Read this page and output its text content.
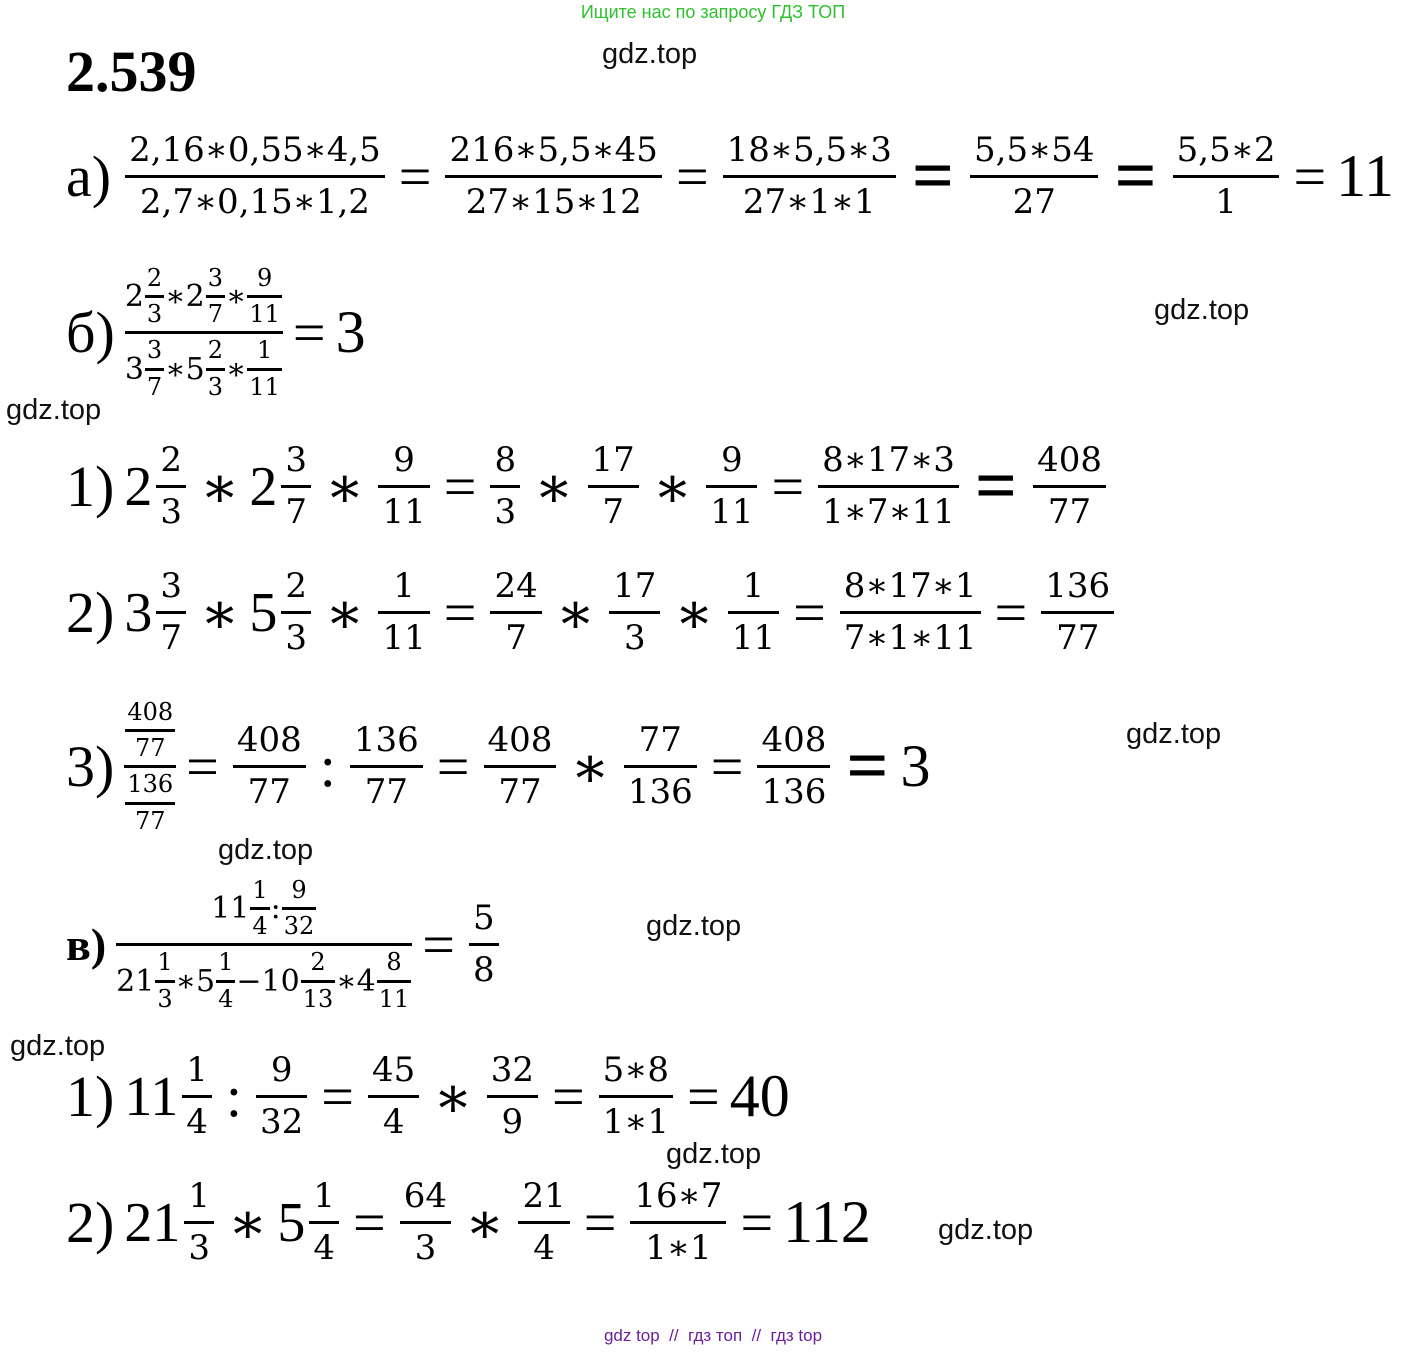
Ищите нас по запросу ГДЗ ТОП
2.539	gdz.top
gdz.top
gdz.top
gdz.top
gdz.top
gdz.top
gdz.top
gdz.top
gdz.top
$а) \frac{2,16∗0,55∗4,5}{2,7∗0,15∗1,2} = \frac{216∗5,5∗45}{27∗15∗12} = \frac{18∗5,5∗3}{27∗1∗1} = \frac{5,5∗54}{27} = \frac{5,5∗2}{1} = 11$
б) 2
2
3 ∗2
3
7 ∗
9
11
3
3
7 ∗5
2
3 ∗
1
11 = 3
1) $2 \frac{2}{3}$ ∗ $2 \frac{3}{7}$ ∗ $\frac{9}{11} = \frac{8}{3}$ ∗ $\frac{17}{7}$ ∗ $\frac{9}{11} = \frac{8∗17∗3}{1∗7∗11} = \frac{408}{77}$
2) $3 \frac{3}{7}$ ∗ $5 \frac{2}{3}$ ∗ $\frac{1}{11} = \frac{24}{7}$ ∗ $\frac{17}{3}$ ∗ $\frac{1}{11} = \frac{8∗17∗1}{7∗1∗11} = \frac{136}{77}$
$3) \frac{408}{77}$
136
$77 = \frac{408}{77}$ : $\frac{136}{77} = \frac{408}{77}$ ∗ $\frac{77}{136} = \frac{408}{136} = 3$
в) 11
1
4 :
9
32
21
1
3 ∗5
1
4 −10
2
13 ∗4
8
$11 = \frac{5}{8}$
1) $11 \frac{1}{4}$ : $\frac{9}{32} = \frac{45}{4}$ ∗ $\frac{32}{9} = \frac{5∗8}{1∗1} = 40$
2) $21 \frac{1}{3}$ ∗ $5 \frac{1}{4} = \frac{64}{3}$ ∗ $\frac{21}{4} = \frac{16∗7}{1∗1} = 112$
gdz top  //  гдз топ  //  гдз top
